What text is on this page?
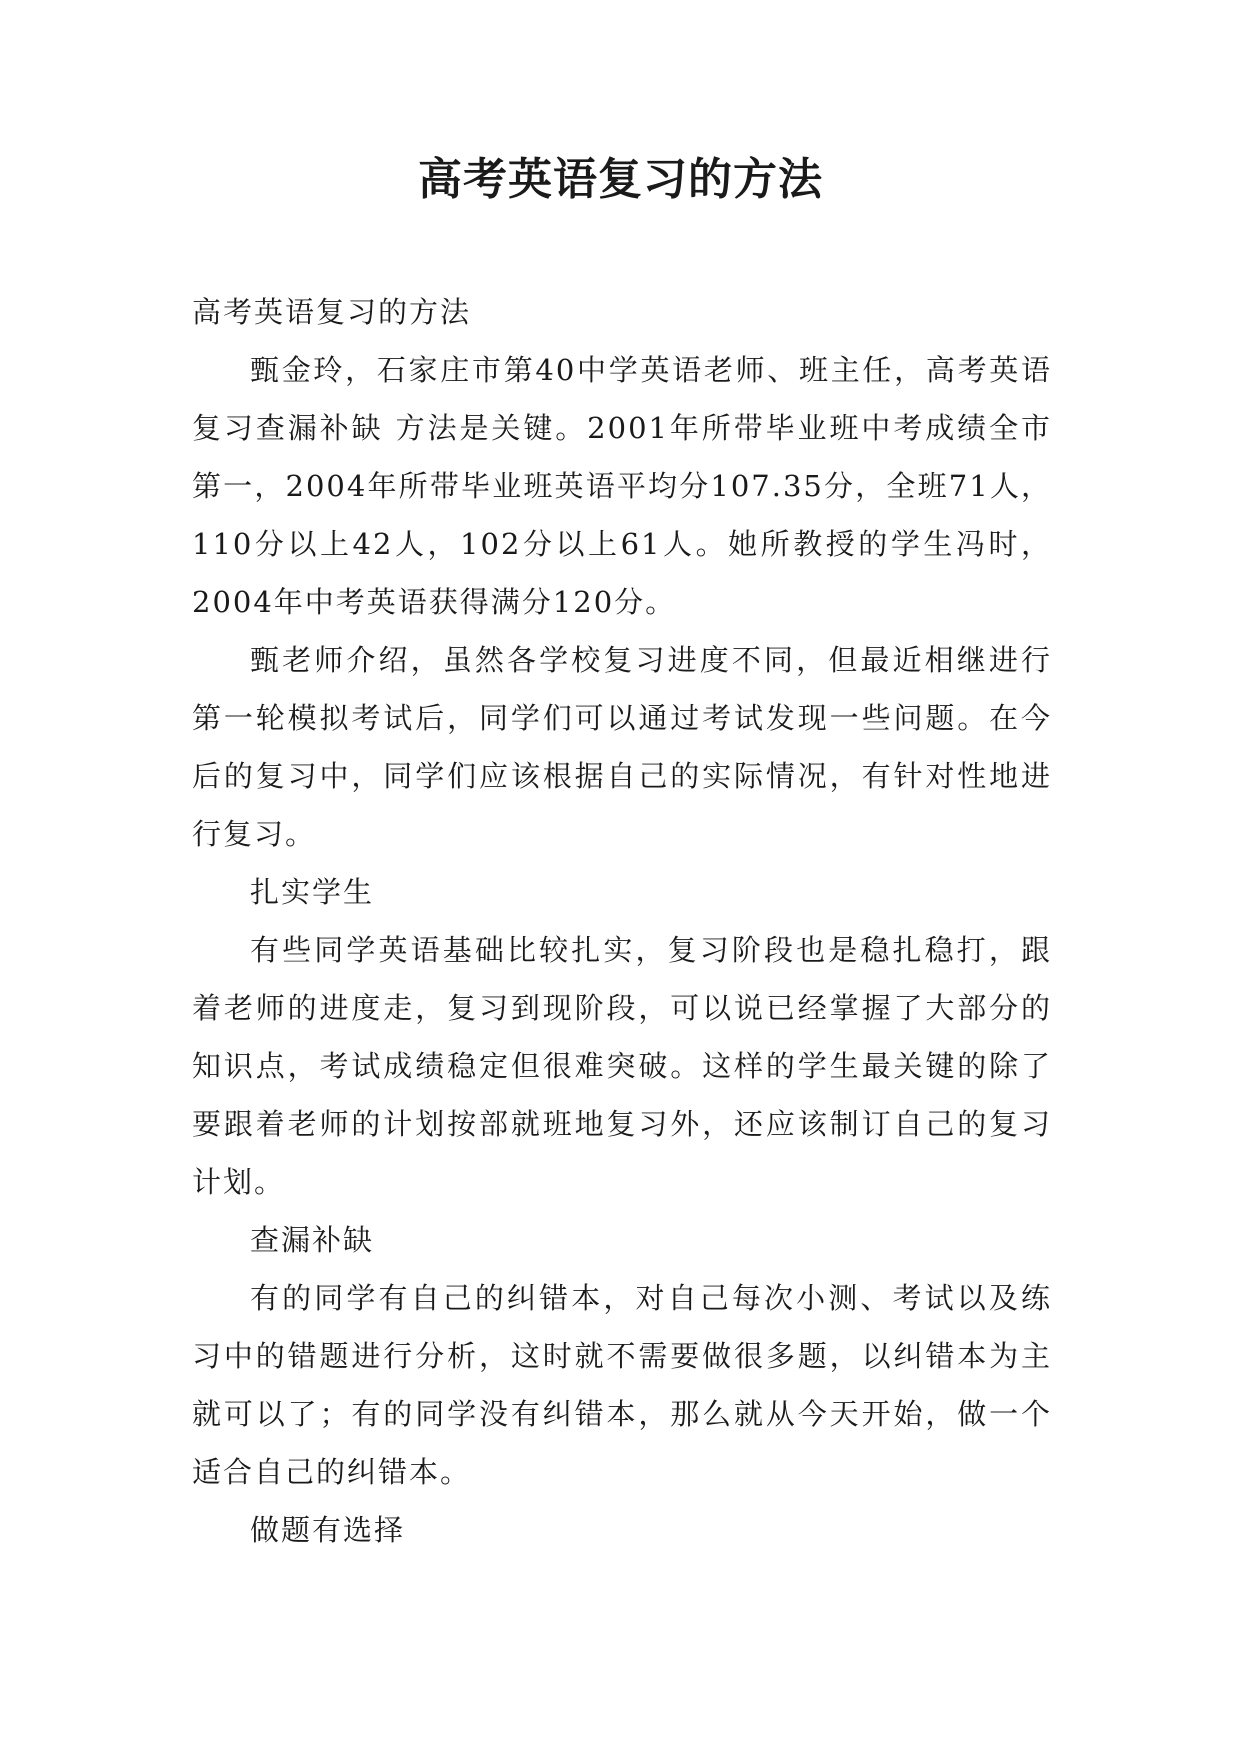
高考英语复习的方法

高考英语复习的方法

甄金玲，石家庄市第40中学英语老师、班主任，高考英语复习查漏补缺 方法是关键。2001年所带毕业班中考成绩全市第一，2004年所带毕业班英语平均分107.35分，全班71人，110分以上42人，102分以上61人。她所教授的学生冯时，2004年中考英语获得满分120分。

甄老师介绍，虽然各学校复习进度不同，但最近相继进行第一轮模拟考试后，同学们可以通过考试发现一些问题。在今后的复习中，同学们应该根据自己的实际情况，有针对性地进行复习。

扎实学生

有些同学英语基础比较扎实，复习阶段也是稳扎稳打，跟着老师的进度走，复习到现阶段，可以说已经掌握了大部分的知识点，考试成绩稳定但很难突破。这样的学生最关键的除了要跟着老师的计划按部就班地复习外，还应该制订自己的复习计划。

查漏补缺

有的同学有自己的纠错本，对自己每次小测、考试以及练习中的错题进行分析，这时就不需要做很多题，以纠错本为主就可以了；有的同学没有纠错本，那么就从今天开始，做一个适合自己的纠错本。

做题有选择
